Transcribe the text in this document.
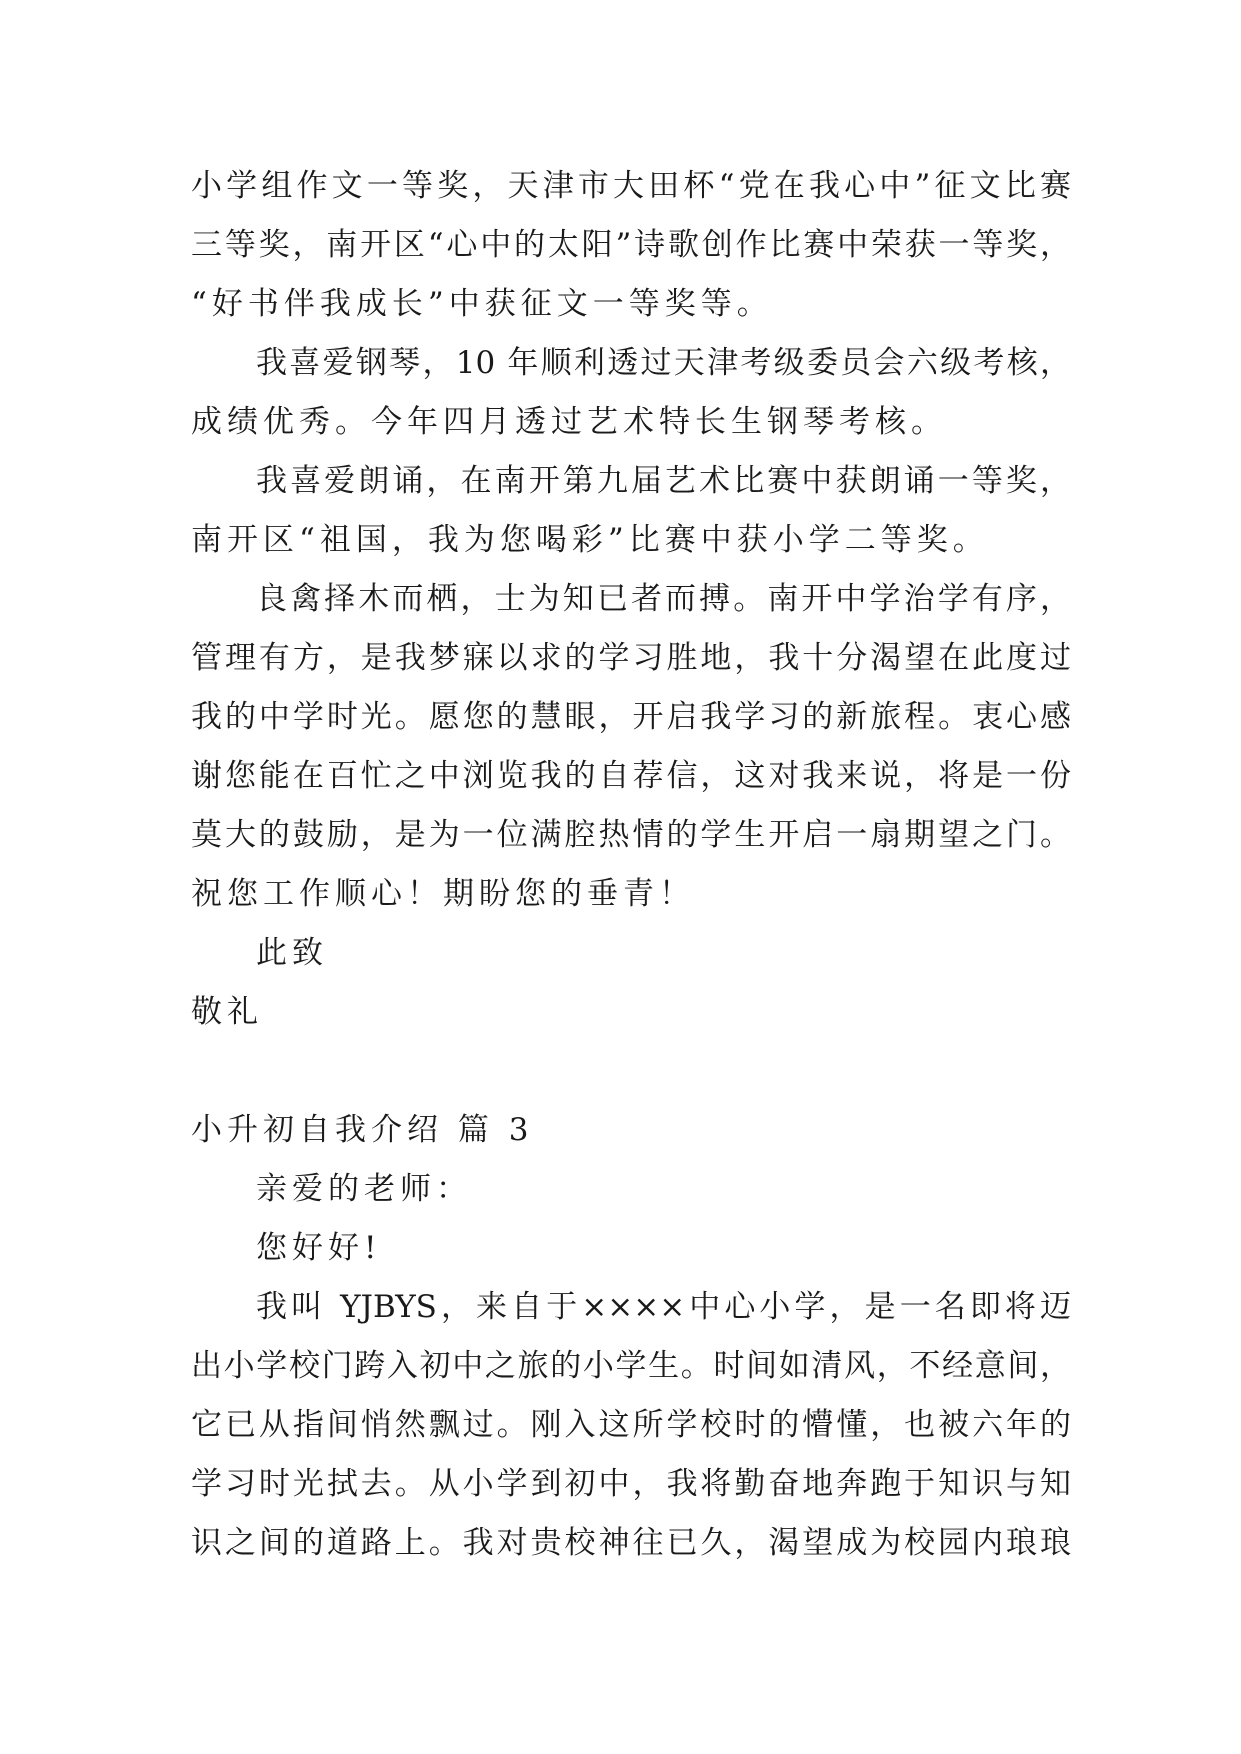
小学组作文一等奖，天津市大田杯“党在我心中”征文比赛
三等奖，南开区“心中的太阳”诗歌创作比赛中荣获一等奖，
“好书伴我成长”中获征文一等奖等。
我喜爱钢琴，10 年顺利透过天津考级委员会六级考核，
成绩优秀。今年四月透过艺术特长生钢琴考核。
我喜爱朗诵，在南开第九届艺术比赛中获朗诵一等奖，
南开区“祖国，我为您喝彩”比赛中获小学二等奖。
良禽择木而栖，士为知已者而搏。南开中学治学有序，
管理有方，是我梦寐以求的学习胜地，我十分渴望在此度过
我的中学时光。愿您的慧眼，开启我学习的新旅程。衷心感
谢您能在百忙之中浏览我的自荐信，这对我来说，将是一份
莫大的鼓励，是为一位满腔热情的学生开启一扇期望之门。
祝您工作顺心！期盼您的垂青！
此致
敬礼
小升初自我介绍 篇 3
亲爱的老师：
您好好!
我叫 YJBYS，来自于××××中心小学，是一名即将迈
出小学校门跨入初中之旅的小学生。时间如清风，不经意间，
它已从指间悄然飘过。刚入这所学校时的懵懂，也被六年的
学习时光拭去。从小学到初中，我将勤奋地奔跑于知识与知
识之间的道路上。我对贵校神往已久，渴望成为校园内琅琅
